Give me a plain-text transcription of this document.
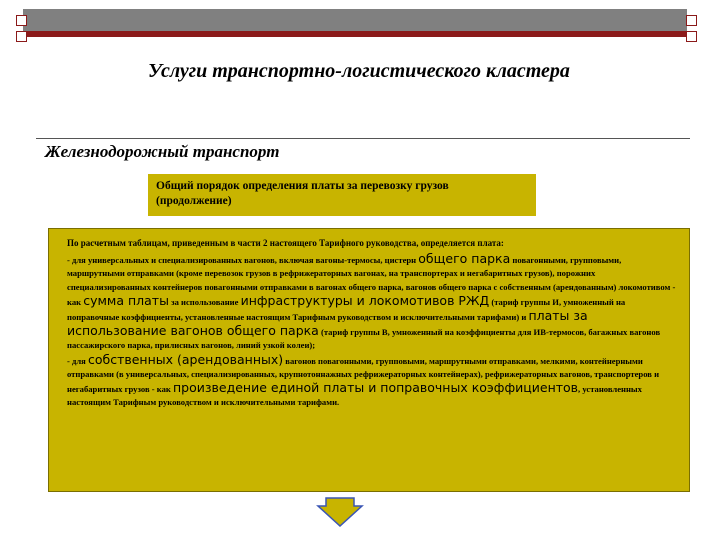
Услуги транспортно-логистического кластера
Железнодорожный транспорт
Общий порядок определения платы за перевозку грузов
(продолжение)

По расчетным таблицам, приведенным в части 2 настоящего Тарифного руководства, определяется плата:

- для универсальных и специализированных вагонов, включая вагоны-термосы, цистерн общего парка повагонными, групповыми, маршрутными отправками (кроме перевозок грузов в рефрижераторных вагонах, на транспортерах и негабаритных грузов), порожних специализированных контейнеров повагонными отправками в вагонах общего парка, вагонов общего парка с собственным (арендованным) локомотивом - как сумма платы за использование инфраструктуры и локомотивов РЖД (тариф группы И, умноженный на поправочные коэффициенты, установленные настоящим Тарифным руководством и исключительными тарифами) и платы за использование вагонов общего парка (тариф группы В, умноженный на коэффициенты для ИВ-термосов, багажных вагонов пассажирского парка, прилисных вагонов, линий узкой колеи);

- для собственных (арендованных) вагонов повагонными, групповыми, маршрутными отправками, мелкими, контейнерными отправками (в универсальных, специализированных, крупнотоннажных рефрижераторных контейнерах), рефрижераторных вагонов, транспортеров и негабаритных грузов - как произведение единой платы и поправочных коэффициентов, установленных настоящим Тарифным руководством и исключительными тарифами.
